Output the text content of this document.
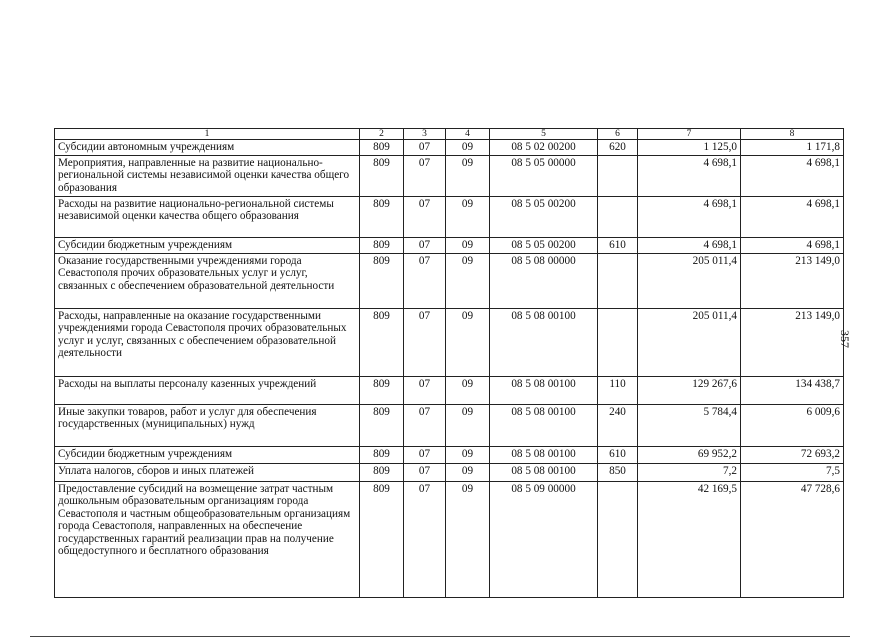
1	2	3	4	5	6	7	8
Субсидии автономным учреждениям	809	07	09	08 5 02 00200	620	1 125,0	1 171,8
Мероприятия, направленные на развитие национально-региональной системы независимой оценки качества общего образования	809	07	09	08 5 05 00000		4 698,1	4 698,1
Расходы на развитие национально-региональной системы независимой оценки качества общего образования	809	07	09	08 5 05 00200		4 698,1	4 698,1
Субсидии бюджетным учреждениям	809	07	09	08 5 05 00200	610	4 698,1	4 698,1
Оказание государственными учреждениями города Севастополя прочих образовательных услуг и услуг, связанных с обеспечением образовательной деятельности	809	07	09	08 5 08 00000		205 011,4	213 149,0
Расходы, направленные на оказание государственными учреждениями города Севастополя прочих образовательных услуг и услуг, связанных с обеспечением образовательной деятельности	809	07	09	08 5 08 00100		205 011,4	213 149,0
Расходы на выплаты персоналу казенных учреждений	809	07	09	08 5 08 00100	110	129 267,6	134 438,7
Иные закупки товаров, работ и услуг для обеспечения государственных (муниципальных) нужд	809	07	09	08 5 08 00100	240	5 784,4	6 009,6
Субсидии бюджетным учреждениям	809	07	09	08 5 08 00100	610	69 952,2	72 693,2
Уплата налогов, сборов и иных платежей	809	07	09	08 5 08 00100	850	7,2	7,5
Предоставление субсидий на возмещение затрат частным дошкольным образовательным организациям города Севастополя и частным общеобразовательным организациям города Севастополя, направленных на обеспечение государственных гарантий реализации прав на получение общедоступного и бесплатного образования	809	07	09	08 5 09 00000		42 169,5	47 728,6
357
